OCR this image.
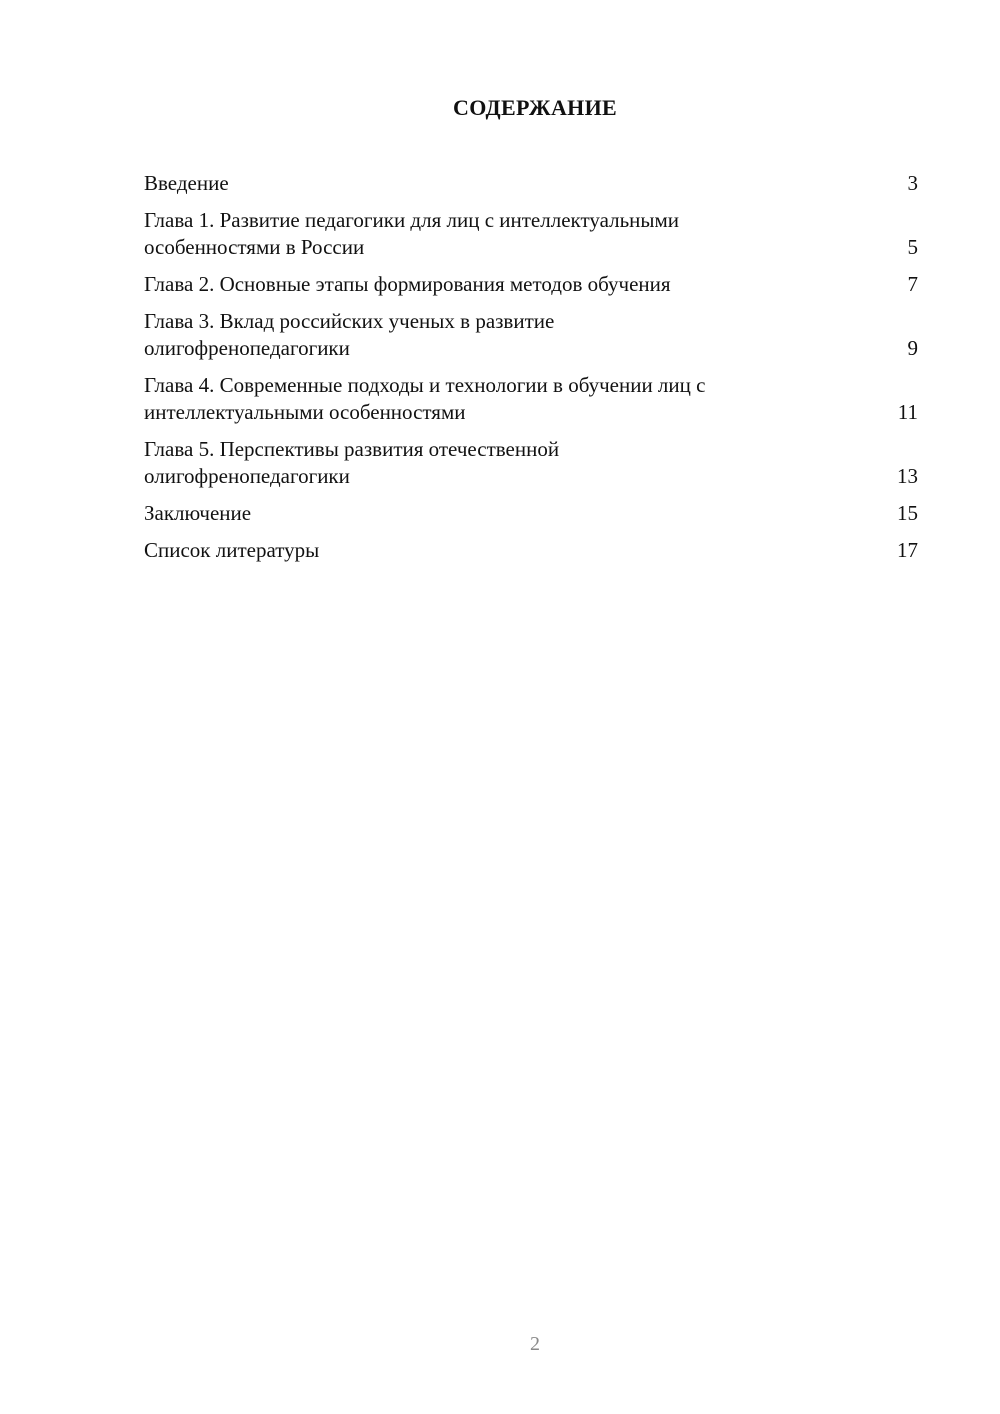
СОДЕРЖАНИЕ
Введение	3
Глава 1. Развитие педагогики для лиц с интеллектуальными
особенностями в России	5
Глава 2. Основные этапы формирования методов обучения	7
Глава 3. Вклад российских ученых в развитие
олигофренопедагогики	9
Глава 4. Современные подходы и технологии в обучении лиц с
интеллектуальными особенностями	11
Глава 5. Перспективы развития отечественной
олигофренопедагогики	13
Заключение	15
Список литературы	17
2
